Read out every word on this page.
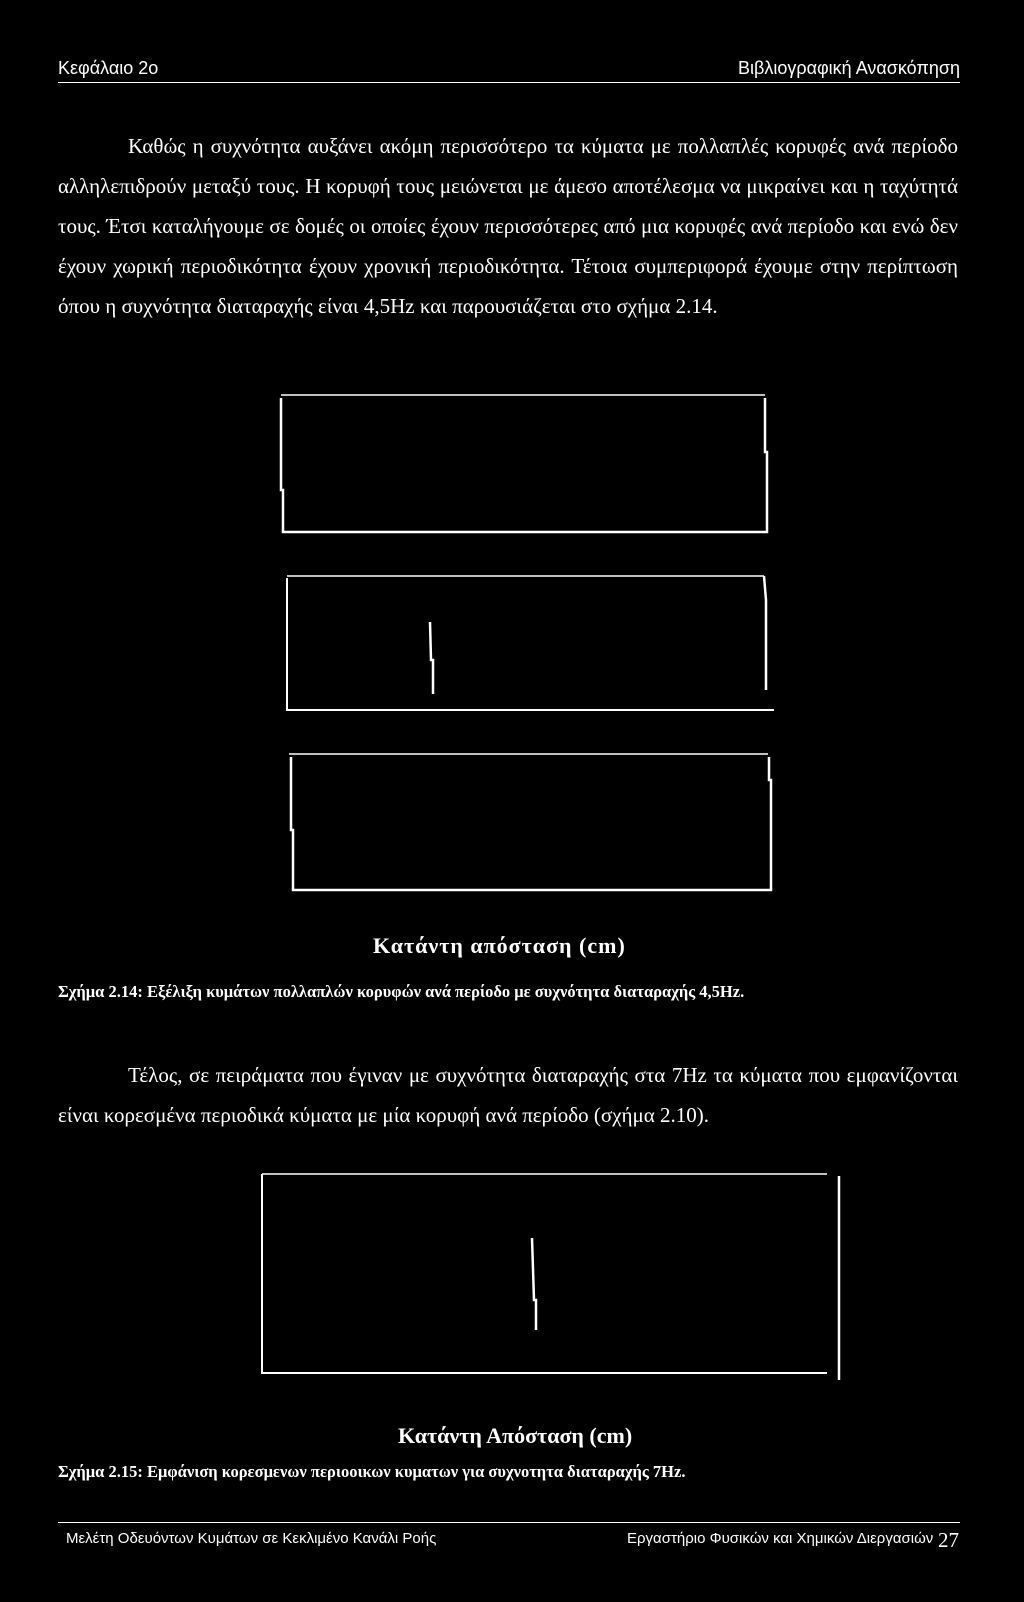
Κεφάλαιο 2ο	Βιβλιογραφική Ανασκόπηση
Καθώς η συχνότητα αυξάνει ακόμη περισσότερο τα κύματα με πολλαπλές κορυφές ανά περίοδο αλληλεπιδρούν μεταξύ τους. Η κορυφή τους μειώνεται με άμεσο αποτέλεσμα να μικραίνει και η ταχύτητά τους. Έτσι καταλήγουμε σε δομές οι οποίες έχουν περισσότερες από μια κορυφές ανά περίοδο και ενώ δεν έχουν χωρική περιοδικότητα έχουν χρονική περιοδικότητα. Τέτοια συμπεριφορά έχουμε στην περίπτωση όπου η συχνότητα διαταραχής είναι 4,5Hz και παρουσιάζεται στο σχήμα 2.14.
Κατάντη απόσταση (cm)
Σχήμα 2.14: Εξέλιξη κυμάτων πολλαπλών κορυφών ανά περίοδο με συχνότητα διαταραχής 4,5Hz.
Τέλος, σε πειράματα που έγιναν με συχνότητα διαταραχής στα 7Hz τα κύματα που εμφανίζονται είναι κορεσμένα περιοδικά κύματα με μία κορυφή ανά περίοδο (σχήμα 2.10).
Κατάντη Απόσταση (cm)
Σχήμα 2.15: Εμφάνιση κορεσμενων περιοοικων κυματων για συχνοτητα διαταραχής 7Hz.
Μελέτη Οδευόντων Κυμάτων σε Κεκλιμένο Κανάλι Ροής	Εργαστήριο Φυσικών και Χημικών Διεργασιών 27
